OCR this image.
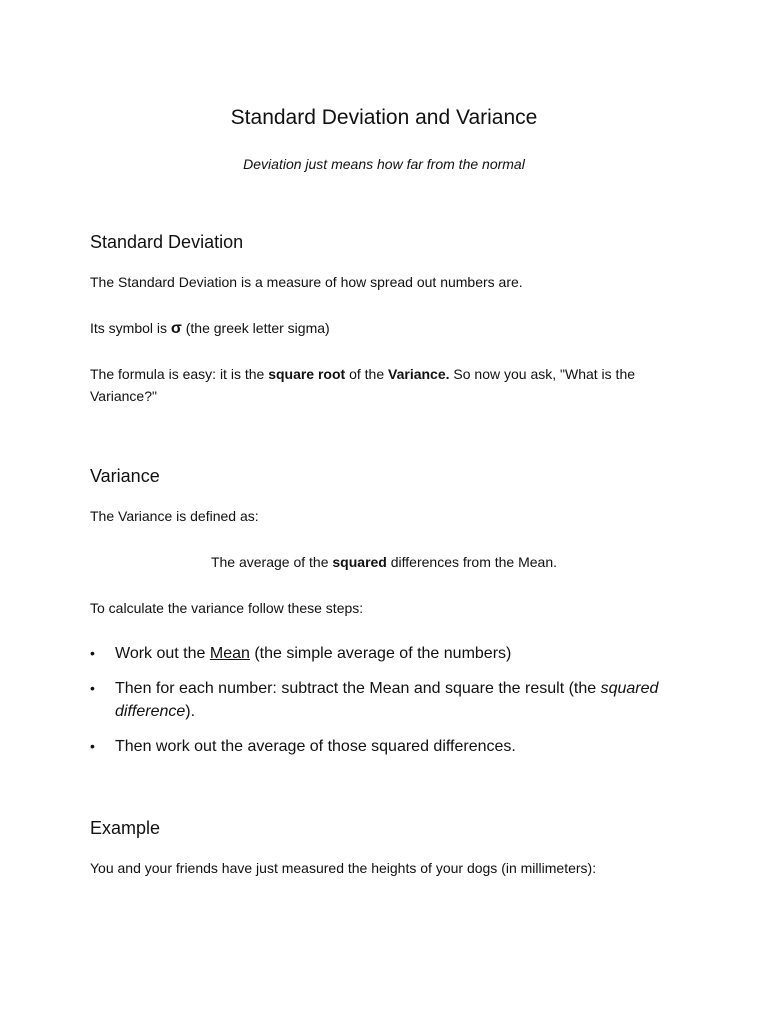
Standard Deviation and Variance

Deviation just means how far from the normal

Standard Deviation

The Standard Deviation is a measure of how spread out numbers are.

Its symbol is σ (the greek letter sigma)

The formula is easy: it is the square root of the Variance. So now you ask, "What is the Variance?"

Variance

The Variance is defined as:

The average of the squared differences from the Mean.

To calculate the variance follow these steps:

• Work out the Mean (the simple average of the numbers)
• Then for each number: subtract the Mean and square the result (the squared difference).
• Then work out the average of those squared differences.
Example

You and your friends have just measured the heights of your dogs (in millimeters):
